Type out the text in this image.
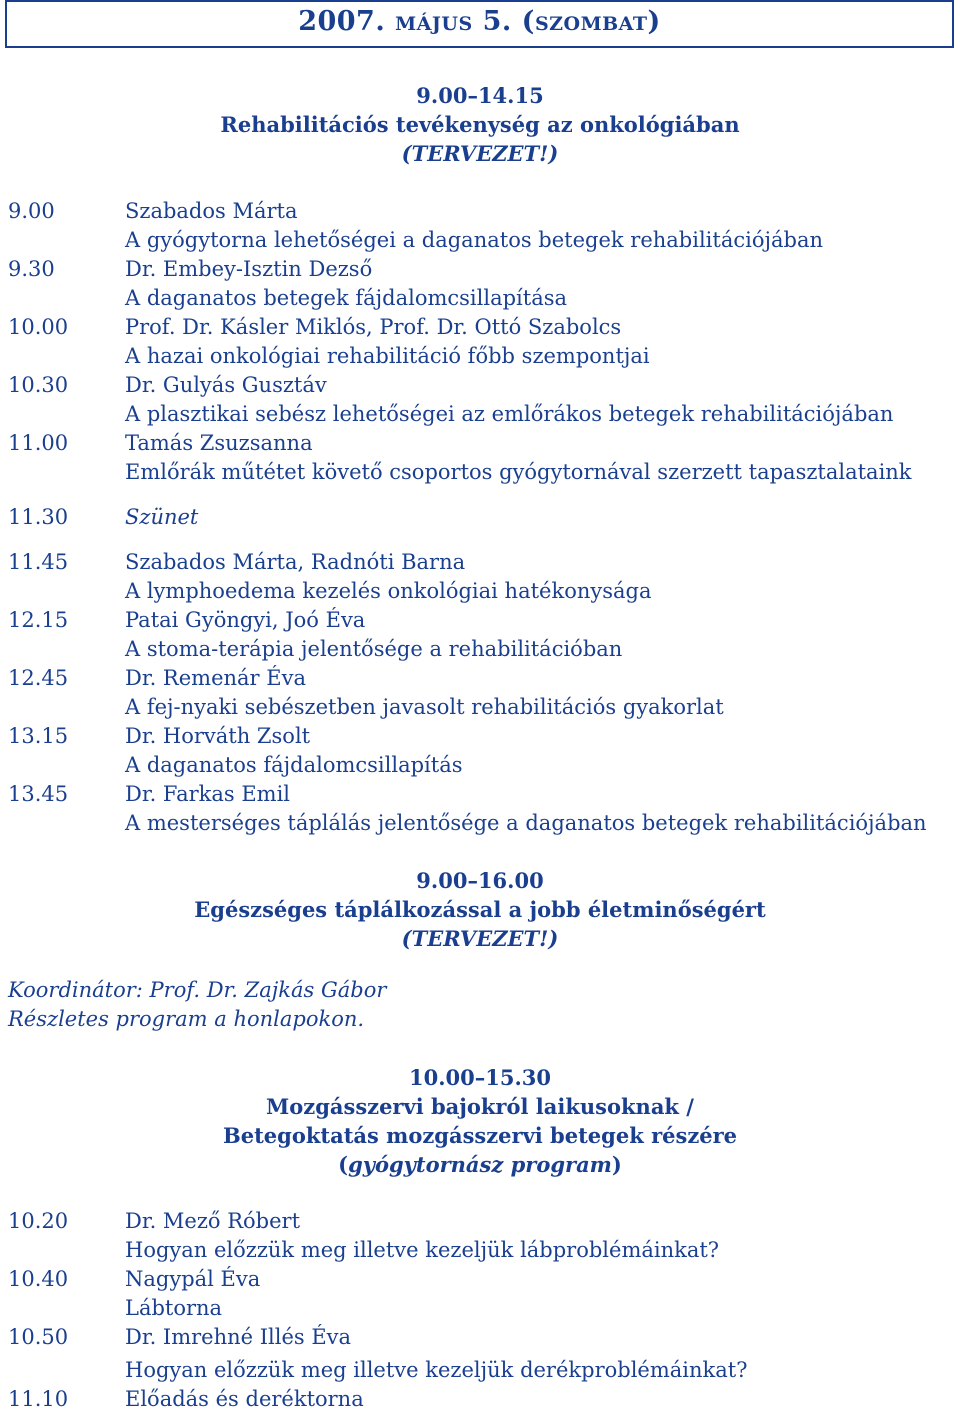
2007. május 5. (szombat)
9.00–14.15
Rehabilitációs tevékenység az onkológiában
(TERVEZET!)
9.00	Szabados Márta
A gyógytorna lehetőségei a daganatos betegek rehabilitációjában
9.30	Dr. Embey-Isztin Dezső
A daganatos betegek fájdalomcsillapítása
10.00	Prof. Dr. Kásler Miklós, Prof. Dr. Ottó Szabolcs
A hazai onkológiai rehabilitáció főbb szempontjai
10.30	Dr. Gulyás Gusztáv
A plasztikai sebész lehetőségei az emlőrákos betegek rehabilitációjában
11.00	Tamás Zsuzsanna
Emlőrák műtétet követő csoportos gyógytornával szerzett tapasztalataink
11.30	Szünet
11.45	Szabados Márta, Radnóti Barna
A lymphoedema kezelés onkológiai hatékonysága
12.15	Patai Gyöngyi, Joó Éva
A stoma-terápia jelentősége a rehabilitációban
12.45	Dr. Remenár Éva
A fej-nyaki sebészetben javasolt rehabilitációs gyakorlat
13.15	Dr. Horváth Zsolt
A daganatos fájdalomcsillapítás
13.45	Dr. Farkas Emil
A mesterséges táplálás jelentősége a daganatos betegek rehabilitációjában
9.00–16.00
Egészséges táplálkozással a jobb életminőségért
(TERVEZET!)
Koordinátor: Prof. Dr. Zajkás Gábor
Részletes program a honlapokon.
10.00–15.30
Mozgásszervi bajokról laikusoknak /
Betegoktatás mozgásszervi betegek részére
(gyógytornász program)
10.20	Dr. Mező Róbert
Hogyan előzzük meg illetve kezeljük lábproblémáinkat?
10.40	Nagypál Éva
Lábtorna
10.50	Dr. Imrehné Illés Éva
Hogyan előzzük meg illetve kezeljük derékproblémáinkat?
11.10	Előadás és deréktorna
